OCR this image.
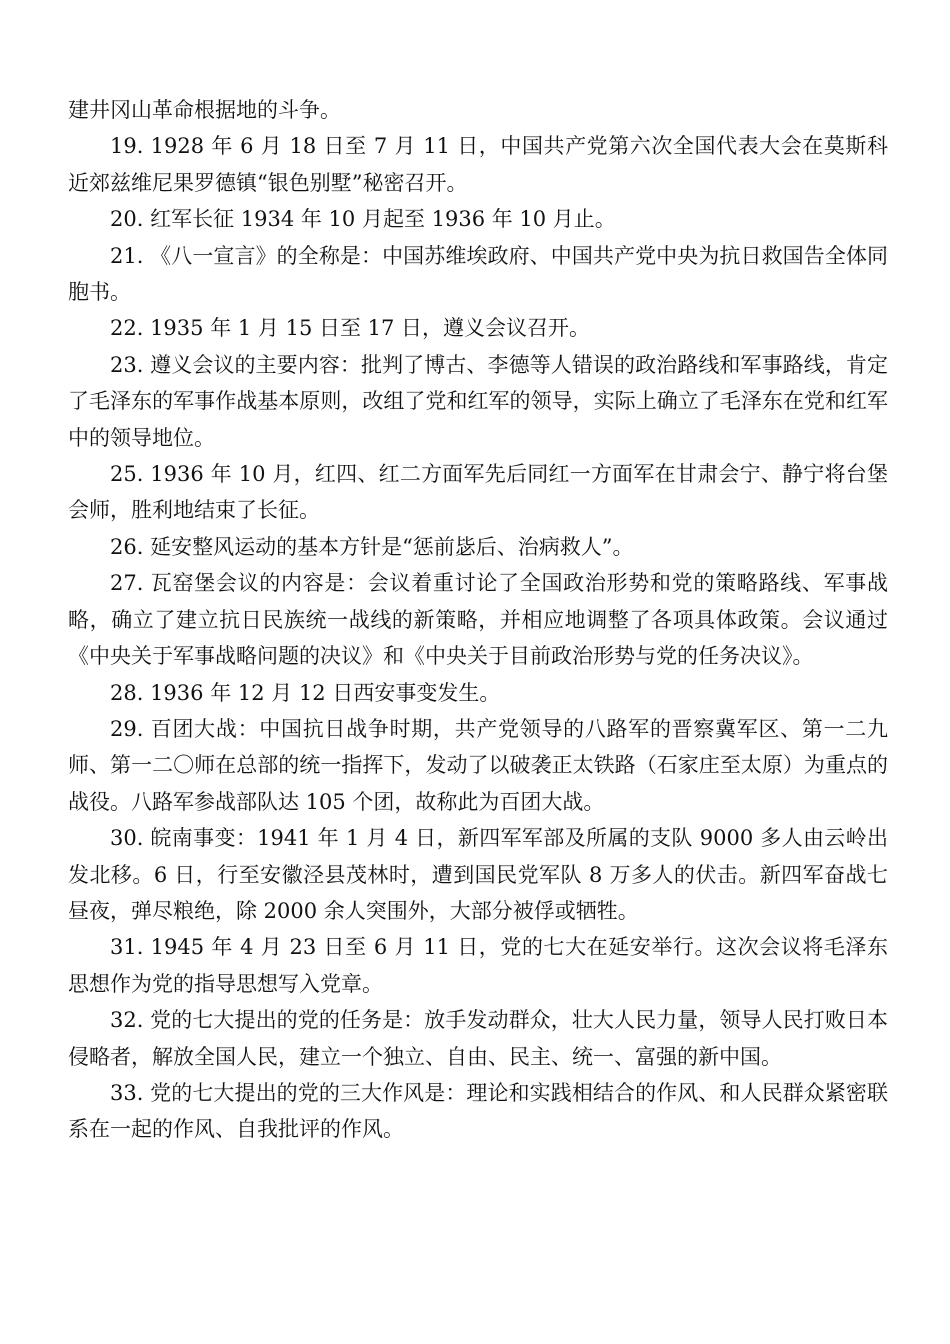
建井冈山革命根据地的斗争。

19. 1928 年 6 月 18 日至 7 月 11 日，中国共产党第六次全国代表大会在莫斯科近郊兹维尼果罗德镇“银色别墅”秘密召开。

20. 红军长征 1934 年 10 月起至 1936 年 10 月止。

21. 《八一宣言》的全称是：中国苏维埃政府、中国共产党中央为抗日救国告全体同胞书。

22. 1935 年 1 月 15 日至 17 日，遵义会议召开。

23. 遵义会议的主要内容：批判了博古、李德等人错误的政治路线和军事路线，肯定了毛泽东的军事作战基本原则，改组了党和红军的领导，实际上确立了毛泽东在党和红军中的领导地位。

25. 1936 年 10 月，红四、红二方面军先后同红一方面军在甘肃会宁、静宁将台堡会师，胜利地结束了长征。

26. 延安整风运动的基本方针是“惩前毖后、治病救人”。

27. 瓦窑堡会议的内容是：会议着重讨论了全国政治形势和党的策略路线、军事战略，确立了建立抗日民族统一战线的新策略，并相应地调整了各项具体政策。会议通过《中央关于军事战略问题的决议》和《中央关于目前政治形势与党的任务决议》。

28. 1936 年 12 月 12 日西安事变发生。

29. 百团大战：中国抗日战争时期，共产党领导的八路军的晋察冀军区、第一二九师、第一二〇师在总部的统一指挥下，发动了以破袭正太铁路（石家庄至太原）为重点的战役。八路军参战部队达 105 个团，故称此为百团大战。

30. 皖南事变：1941 年 1 月 4 日，新四军军部及所属的支队 9000 多人由云岭出发北移。6 日，行至安徽泾县茂林时，遭到国民党军队 8 万多人的伏击。新四军奋战七昼夜，弹尽粮绝，除 2000 余人突围外，大部分被俘或牺牲。

31. 1945 年 4 月 23 日至 6 月 11 日，党的七大在延安举行。这次会议将毛泽东思想作为党的指导思想写入党章。

32. 党的七大提出的党的任务是：放手发动群众，壮大人民力量，领导人民打败日本侵略者，解放全国人民，建立一个独立、自由、民主、统一、富强的新中国。

33. 党的七大提出的党的三大作风是：理论和实践相结合的作风、和人民群众紧密联系在一起的作风、自我批评的作风。
